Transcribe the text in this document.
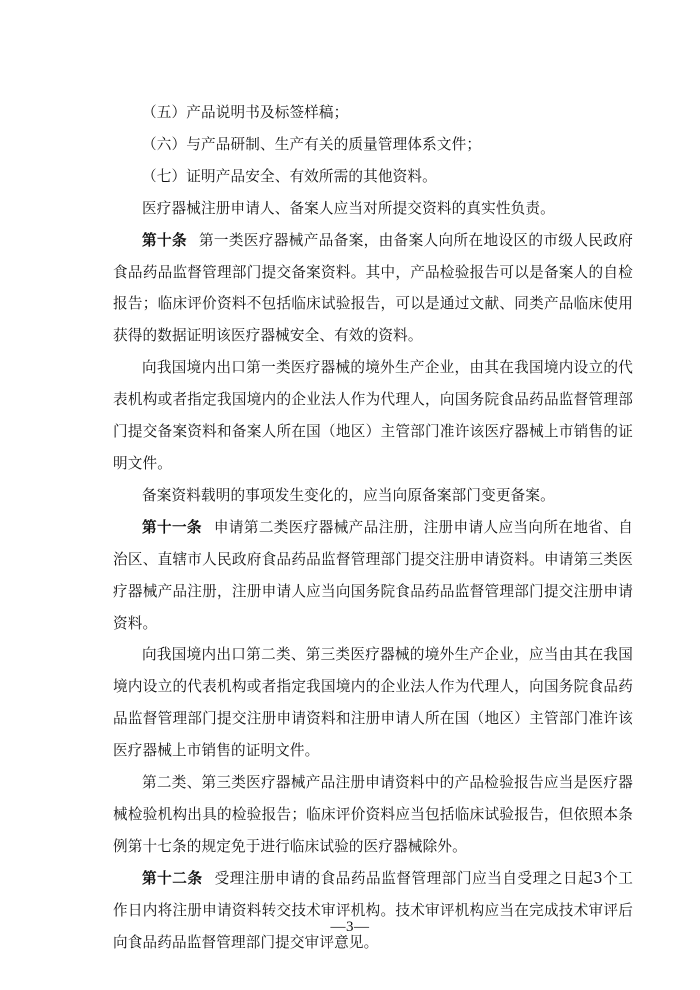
（五）产品说明书及标签样稿；

（六）与产品研制、生产有关的质量管理体系文件；

（七）证明产品安全、有效所需的其他资料。

医疗器械注册申请人、备案人应当对所提交资料的真实性负责。

第十条 第一类医疗器械产品备案，由备案人向所在地设区的市级人民政府食品药品监督管理部门提交备案资料。其中，产品检验报告可以是备案人的自检报告；临床评价资料不包括临床试验报告，可以是通过文献、同类产品临床使用获得的数据证明该医疗器械安全、有效的资料。

向我国境内出口第一类医疗器械的境外生产企业，由其在我国境内设立的代表机构或者指定我国境内的企业法人作为代理人，向国务院食品药品监督管理部门提交备案资料和备案人所在国（地区）主管部门准许该医疗器械上市销售的证明文件。

备案资料载明的事项发生变化的，应当向原备案部门变更备案。

第十一条 申请第二类医疗器械产品注册，注册申请人应当向所在地省、自治区、直辖市人民政府食品药品监督管理部门提交注册申请资料。申请第三类医疗器械产品注册，注册申请人应当向国务院食品药品监督管理部门提交注册申请资料。

向我国境内出口第二类、第三类医疗器械的境外生产企业，应当由其在我国境内设立的代表机构或者指定我国境内的企业法人作为代理人，向国务院食品药品监督管理部门提交注册申请资料和注册申请人所在国（地区）主管部门准许该医疗器械上市销售的证明文件。

第二类、第三类医疗器械产品注册申请资料中的产品检验报告应当是医疗器械检验机构出具的检验报告；临床评价资料应当包括临床试验报告，但依照本条例第十七条的规定免于进行临床试验的医疗器械除外。

第十二条 受理注册申请的食品药品监督管理部门应当自受理之日起3个工作日内将注册申请资料转交技术审评机构。技术审评机构应当在完成技术审评后向食品药品监督管理部门提交审评意见。

—3—
